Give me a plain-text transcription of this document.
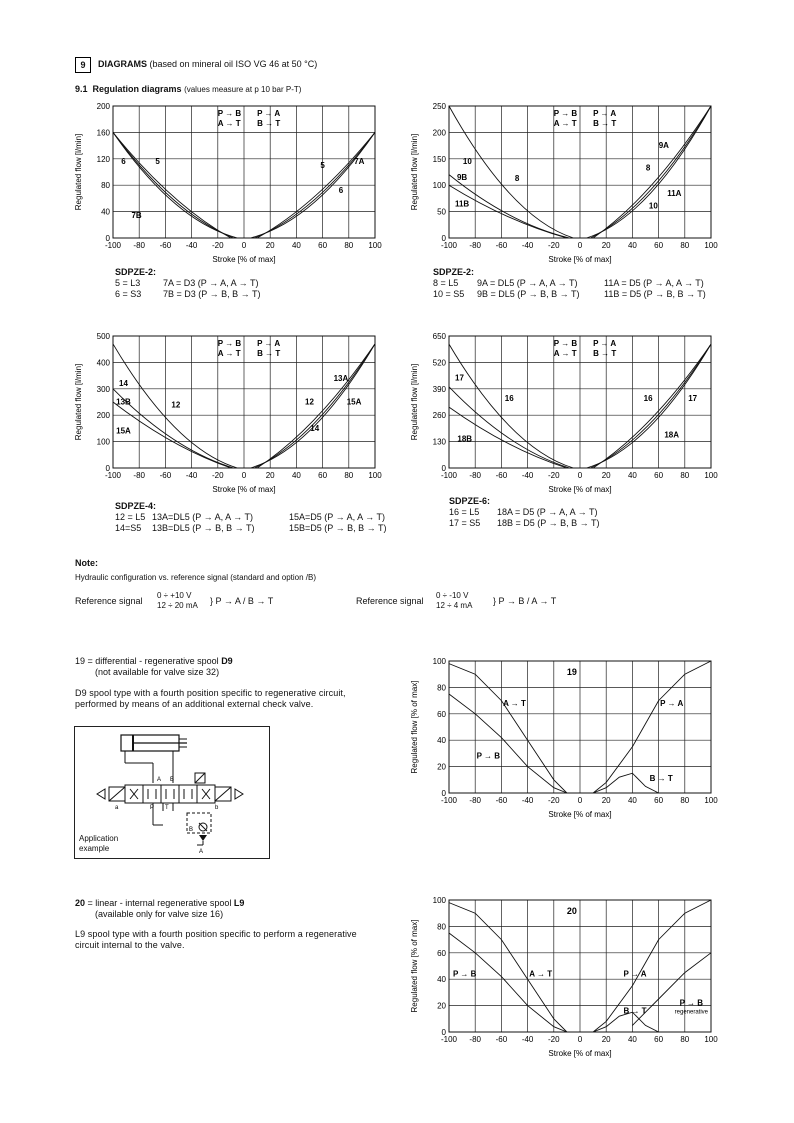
9	DIAGRAMS (based on mineral oil ISO VG 46 at 50 °C)
9.1 Regulation diagrams (values measure at p 10 bar P-T)
-100 -80 -60 -40 -20 0 20 40 60 80 100
0
40
80
120
160
200
Stroke [% of max]
Regulated flow [l/min]	6	5
7B
5
6
7A
P → B
A → T
P → A
B → T
-100 -80 -60 -40 -20 0 20 40 60 80 100
0
50
100
150
200
250
Stroke [% of max]
Regulated flow [l/min]	10
9B
11B
8
9A
8
11A
10
P → B
A → T
P → A
B → T
-100 -80 -60 -40 -20 0 20 40 60 80 100
0
100
200
300
400
500
Stroke [% of max]
Regulated flow [l/min]	14
13B	12
15A
13A
12	15A
14
P → B
A → T
P → A
B → T
-100 -80 -60 -40 -20 0 20 40 60 80 100
0
130
260
390
520
650
Stroke [% of max]
Regulated flow [l/min]	17
16
18B
16	17
18A
P → B
A → T
P → A
B → T
-100 -80 -60 -40 -20 0 20 40 60 80 100
0
20
40
60
80
100
Stroke [% of max]
Regulated flow [% of max]	A → T	P → A
P → B
B → T
19
-100 -80 -60 -40 -20 0 20 40 60 80 100
0
20
40
60
80
100
Stroke [% of max]
Regulated flow [% of max]	P → B	A → T	P → A
B → T
P → B
20
regenerative
SDPZE-2:
5 = L3	7A = D3 (P → A, A → T)
6 = S3 7B = D3 (P → B, B → T)
SDPZE-2:
8 = L5 9A = DL5 (P → A, A → T)	11A = D5 (P → A, A → T)
10 = S5 9B = DL5 (P → B, B → T)	11B = D5 (P → B, B → T)
SDPZE-4:
12 = L5 13A=DL5 (P → A, A → T)	15A=D5 (P → A, A → T)
14=S5 13B=DL5 (P → B, B → T)	15B=D5 (P → B, B → T)
SDPZE-6:
16 = L5 18A = D5 (P → A, A → T)
17 = S5 18B = D5 (P → B, B → T)
Note:
Hydraulic configuration vs. reference signal (standard and option /B)
Reference signal
0 ÷ +10 V
12 ÷ 20 mA } P → A / B → T	Reference signal
0 ÷ -10 V
12 ÷ 4 mA } P → B / A → T
19 = differential - regenerative spool D9
(not available for valve size 32)
D9 spool type with a fourth position specific to regenerative circuit, performed by means of an additional external check valve.
A B
P T
a	b
B
A
Application
example
20 = linear - internal regenerative spool L9
(available only for valve size 16)
L9 spool type with a fourth position specific to perform a regenerative circuit internal to the valve.
